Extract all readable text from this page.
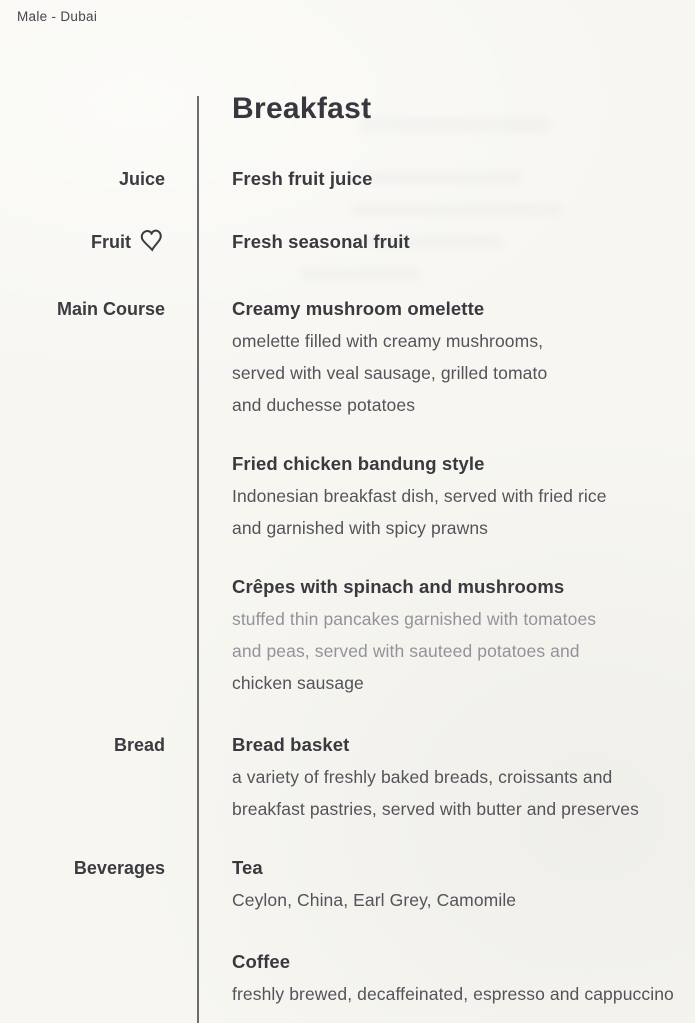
Male - Dubai
Breakfast
Juice	Fresh fruit juice
Fruit	Fresh seasonal fruit
Main Course	Creamy mushroom omelette
omelette filled with creamy mushrooms,
served with veal sausage, grilled tomato
and duchesse potatoes
Fried chicken bandung style
Indonesian breakfast dish, served with fried rice
and garnished with spicy prawns
Crêpes with spinach and mushrooms
stuffed thin pancakes garnished with tomatoes
and peas, served with sauteed potatoes and
chicken sausage
Bread	Bread basket
a variety of freshly baked breads, croissants and
breakfast pastries, served with butter and preserves
Beverages	Tea
Ceylon, China, Earl Grey, Camomile
Coffee
freshly brewed, decaffeinated, espresso and cappuccino
